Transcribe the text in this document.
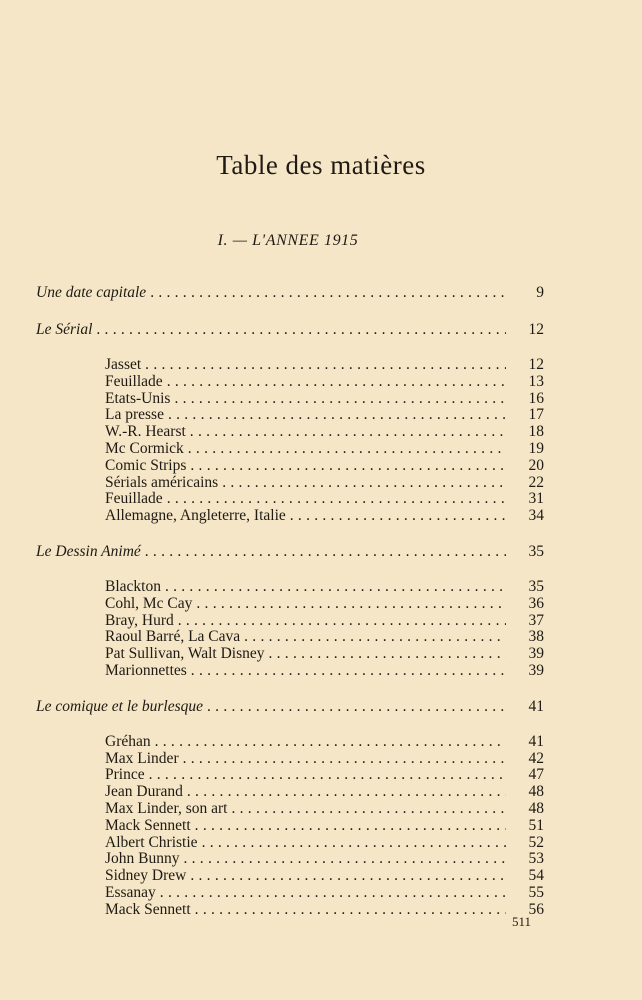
Table des matières
I. — L'ANNEE 1915
Une date capitale . . .	9
Le Sérial . . .	12
Jasset . . .	12
Feuillade . . .	13
Etats-Unis . . .	16
La presse . . .	17
W.-R. Hearst . . .	18
Mc Cormick . . .	19
Comic Strips . . .	20
Sérials américains . . .	22
Feuillade . . .	31
Allemagne, Angleterre, Italie . . .	34
Le Dessin Animé . . .	35
Blackton . . .	35
Cohl, Mc Cay . . .	36
Bray, Hurd . . .	37
Raoul Barré, La Cava . . .	38
Pat Sullivan, Walt Disney . . .	39
Marionnettes . . .	39
Le comique et le burlesque . . .	41
Gréhan . . .	41
Max Linder . . .	42
Prince . . .	47
Jean Durand . . .	48
Max Linder, son art . . .	48
Mack Sennett . . .	51
Albert Christie . . .	52
John Bunny . . .	53
Sidney Drew . . .	54
Essanay . . .	55
Mack Sennett . . .	56
511
